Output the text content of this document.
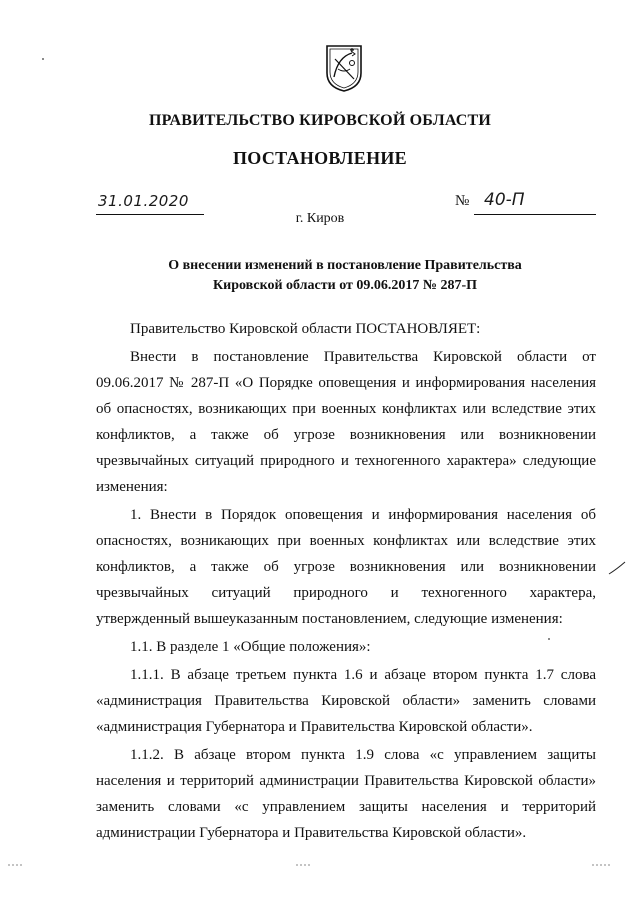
ПРАВИТЕЛЬСТВО КИРОВСКОЙ ОБЛАСТИ
ПОСТАНОВЛЕНИЕ
31.01.2020	№ 40-П
г. Киров
О внесении изменений в постановление Правительства
Кировской области от 09.06.2017 № 287-П

Правительство Кировской области ПОСТАНОВЛЯЕТ:

Внести в постановление Правительства Кировской области от 09.06.2017 № 287-П «О Порядке оповещения и информирования населения об опасностях, возникающих при военных конфликтах или вследствие этих конфликтов, а также об угрозе возникновения или возникновении чрезвычайных ситуаций природного и техногенного характера» следующие изменения:

1. Внести в Порядок оповещения и информирования населения об опасностях, возникающих при военных конфликтах или вследствие этих конфликтов, а также об угрозе возникновения или возникновении чрезвычайных ситуаций природного и техногенного характера, утвержденный вышеуказанным постановлением, следующие изменения:

1.1. В разделе 1 «Общие положения»:

1.1.1. В абзаце третьем пункта 1.6 и абзаце втором пункта 1.7 слова «администрация Правительства Кировской области» заменить словами «администрация Губернатора и Правительства Кировской области».

1.1.2. В абзаце втором пункта 1.9 слова «с управлением защиты населения и территорий администрации Правительства Кировской области» заменить словами «с управлением защиты населения и территорий администрации Губернатора и Правительства Кировской области».
